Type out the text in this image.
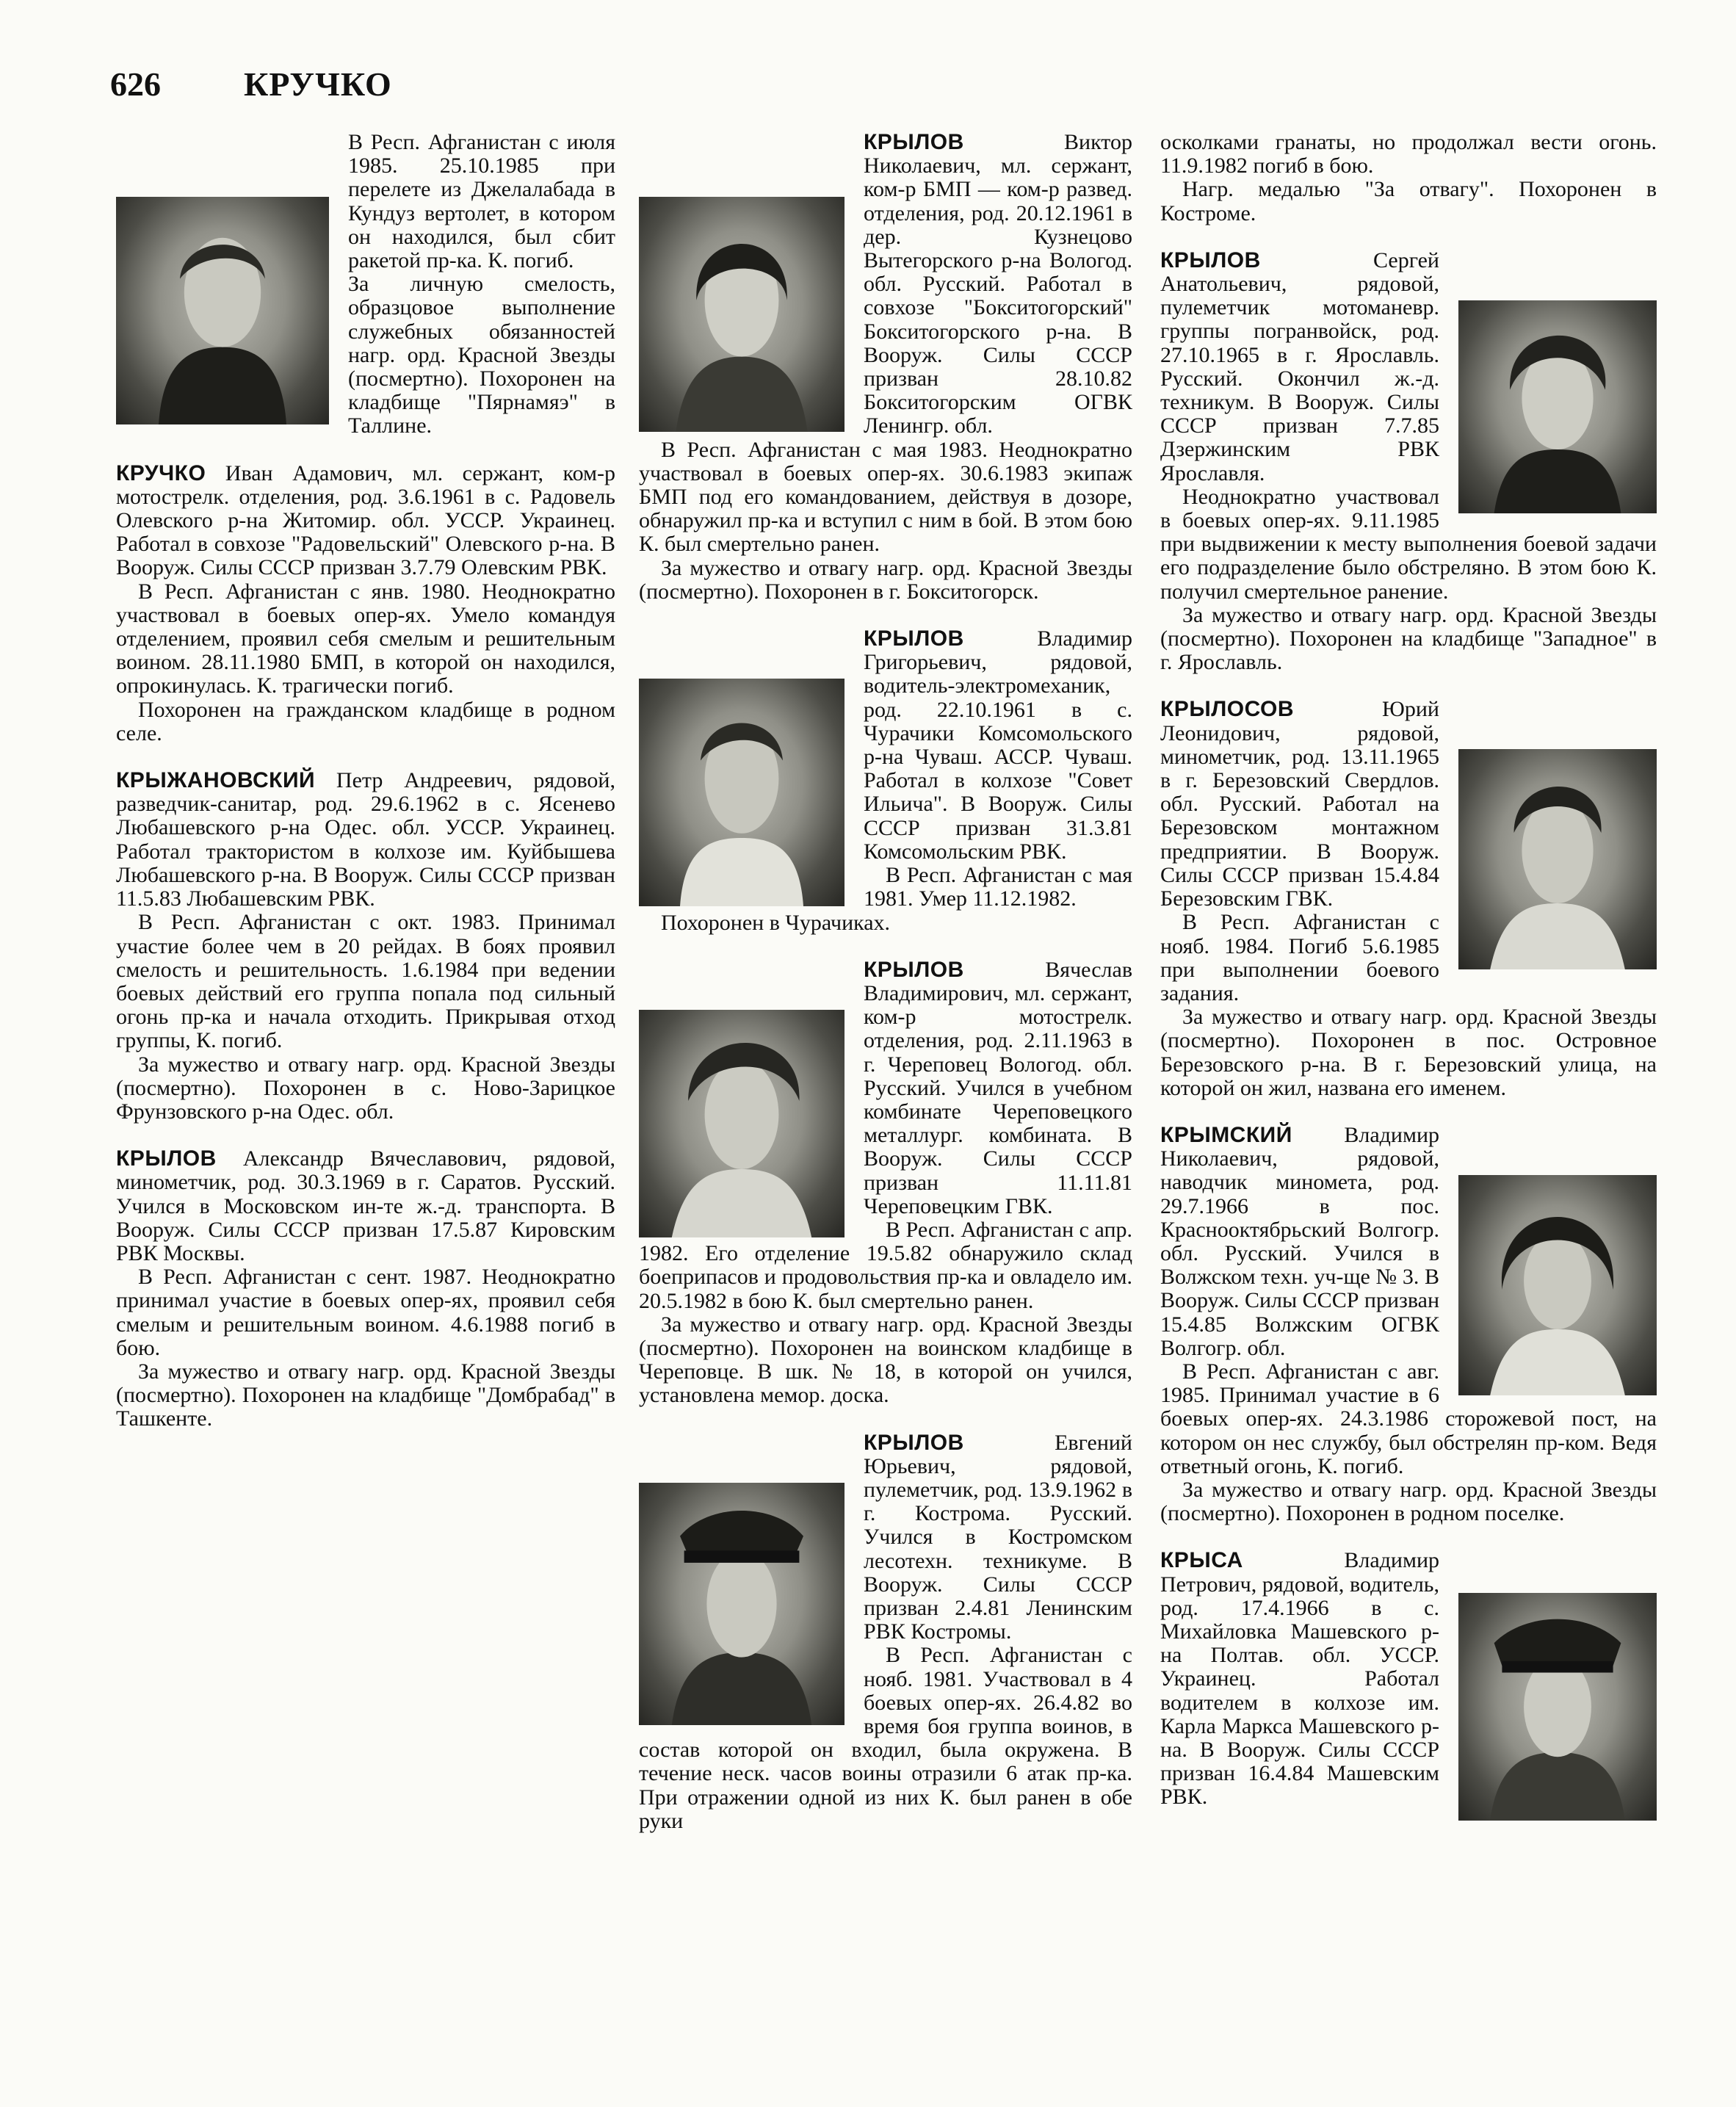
626 КРУЧКО

В Респ. Афганистан с июля 1985. 25.10.1985 при перелете из Джелалабада в Кундуз вертолет, в котором он находился, был сбит ракетой пр-ка. К. погиб.

За личную смелость, образцовое выполнение служебных обязанностей нагр. орд. Красной Звезды (посмертно). Похоронен на кладбище "Пярнамяэ" в Таллине.

КРУЧКО Иван Адамович, мл. сержант, ком-р мотострелк. отделения, род. 3.6.1961 в с. Радовель Олевского р-на Житомир. обл. УССР. Украинец. Работал в совхозе "Радовельский" Олевского р-на. В Вооруж. Силы СССР призван 3.7.79 Олевским РВК.

В Респ. Афганистан с янв. 1980. Неоднократно участвовал в боевых опер-ях. Умело командуя отделением, проявил себя смелым и решительным воином. 28.11.1980 БМП, в которой он находился, опрокинулась. К. трагически погиб.

Похоронен на гражданском кладбище в родном селе.

КРЫЖАНОВСКИЙ Петр Андреевич, рядовой, разведчик-санитар, род. 29.6.1962 в с. Ясенево Любашевского р-на Одес. обл. УССР. Украинец. Работал трактористом в колхозе им. Куйбышева Любашевского р-на. В Вооруж. Силы СССР призван 11.5.83 Любашевским РВК.

В Респ. Афганистан с окт. 1983. Принимал участие более чем в 20 рейдах. В боях проявил смелость и решительность. 1.6.1984 при ведении боевых действий его группа попала под сильный огонь пр-ка и начала отходить. Прикрывая отход группы, К. погиб.

За мужество и отвагу нагр. орд. Красной Звезды (посмертно). Похоронен в с. Ново-Зарицкое Фрунзовского р-на Одес. обл.

КРЫЛОВ Александр Вячеславович, рядовой, минометчик, род. 30.3.1969 в г. Саратов. Русский. Учился в Московском ин-те ж.-д. транспорта. В Вооруж. Силы СССР призван 17.5.87 Кировским РВК Москвы.

В Респ. Афганистан с сент. 1987. Неоднократно принимал участие в боевых опер-ях, проявил себя смелым и решительным воином. 4.6.1988 погиб в бою.

За мужество и отвагу нагр. орд. Красной Звезды (посмертно). Похоронен на кладбище "Домбрабад" в Ташкенте.

КРЫЛОВ Виктор Николаевич, мл. сержант, ком-р БМП — ком-р развед. отделения, род. 20.12.1961 в дер. Кузнецово Вытегорского р-на Вологод. обл. Русский. Работал в совхозе "Бокситогорский" Бокситогорского р-на. В Вооруж. Силы СССР призван 28.10.82 Бокситогорским ОГВК Ленингр. обл.

В Респ. Афганистан с мая 1983. Неоднократно участвовал в боевых опер-ях. 30.6.1983 экипаж БМП под его командованием, действуя в дозоре, обнаружил пр-ка и вступил с ним в бой. В этом бою К. был смертельно ранен.

За мужество и отвагу нагр. орд. Красной Звезды (посмертно). Похоронен в г. Бокситогорск.

КРЫЛОВ Владимир Григорьевич, рядовой, водитель-электромеханик, род. 22.10.1961 в с. Чурачики Комсомольского р-на Чуваш. АССР. Чуваш. Работал в колхозе "Совет Ильича". В Вооруж. Силы СССР призван 31.3.81 Комсомольским РВК.

В Респ. Афганистан с мая 1981. Умер 11.12.1982.

Похоронен в Чурачиках.

КРЫЛОВ Вячеслав Владимирович, мл. сержант, ком-р мотострелк. отделения, род. 2.11.1963 в г. Череповец Вологод. обл. Русский. Учился в учебном комбинате Череповецкого металлург. комбината. В Вооруж. Силы СССР призван 11.11.81 Череповецким ГВК.

В Респ. Афганистан с апр. 1982. Его отделение 19.5.82 обнаружило склад боеприпасов и продовольствия пр-ка и овладело им. 20.5.1982 в бою К. был смертельно ранен.

За мужество и отвагу нагр. орд. Красной Звезды (посмертно). Похоронен на воинском кладбище в Череповце. В шк. № 18, в которой он учился, установлена мемор. доска.

КРЫЛОВ Евгений Юрьевич, рядовой, пулеметчик, род. 13.9.1962 в г. Кострома. Русский. Учился в Костромском лесотехн. техникуме. В Вооруж. Силы СССР призван 2.4.81 Ленинским РВК Костромы.

В Респ. Афганистан с нояб. 1981. Участвовал в 4 боевых опер-ях. 26.4.82 во время боя группа воинов, в состав которой он входил, была окружена. В течение неск. часов воины отразили 6 атак пр-ка. При отражении одной из них К. был ранен в обе руки

осколками гранаты, но продолжал вести огонь. 11.9.1982 погиб в бою.

Нагр. медалью "За отвагу". Похоронен в Костроме.

КРЫЛОВ Сергей Анатольевич, рядовой, пулеметчик мотоманевр. группы погранвойск, род. 27.10.1965 в г. Ярославль. Русский. Окончил ж.-д. техникум. В Вооруж. Силы СССР призван 7.7.85 Дзержинским РВК Ярославля.

Неоднократно участвовал в боевых опер-ях. 9.11.1985 при выдвижении к месту выполнения боевой задачи его подразделение было обстреляно. В этом бою К. получил смертельное ранение.

За мужество и отвагу нагр. орд. Красной Звезды (посмертно). Похоронен на кладбище "Западное" в г. Ярославль.

КРЫЛОСОВ Юрий Леонидович, рядовой, минометчик, род. 13.11.1965 в г. Березовский Свердлов. обл. Русский. Работал на Березовском монтажном предприятии. В Вооруж. Силы СССР призван 15.4.84 Березовским ГВК.

В Респ. Афганистан с нояб. 1984. Погиб 5.6.1985 при выполнении боевого задания.

За мужество и отвагу нагр. орд. Красной Звезды (посмертно). Похоронен в пос. Островное Березовского р-на. В г. Березовский улица, на которой он жил, названа его именем.

КРЫМСКИЙ Владимир Николаевич, рядовой, наводчик миномета, род. 29.7.1966 в пос. Красноoктябрьский Волгогр. обл. Русский. Учился в Волжском техн. уч-ще № 3. В Вооруж. Силы СССР призван 15.4.85 Волжским ОГВК Волгогр. обл.

В Респ. Афганистан с авг. 1985. Принимал участие в 6 боевых опер-ях. 24.3.1986 сторожевой пост, на котором он нес службу, был обстрелян пр-ком. Ведя ответный огонь, К. погиб.

За мужество и отвагу нагр. орд. Красной Звезды (посмертно). Похоронен в родном поселке.

КРЫСА Владимир Петрович, рядовой, водитель, род. 17.4.1966 в с. Михайловка Машевского р-на Полтав. обл. УССР. Украинец. Работал водителем в колхозе им. Карла Маркса Машевского р-на. В Вооруж. Силы СССР призван 16.4.84 Машевским РВК.
